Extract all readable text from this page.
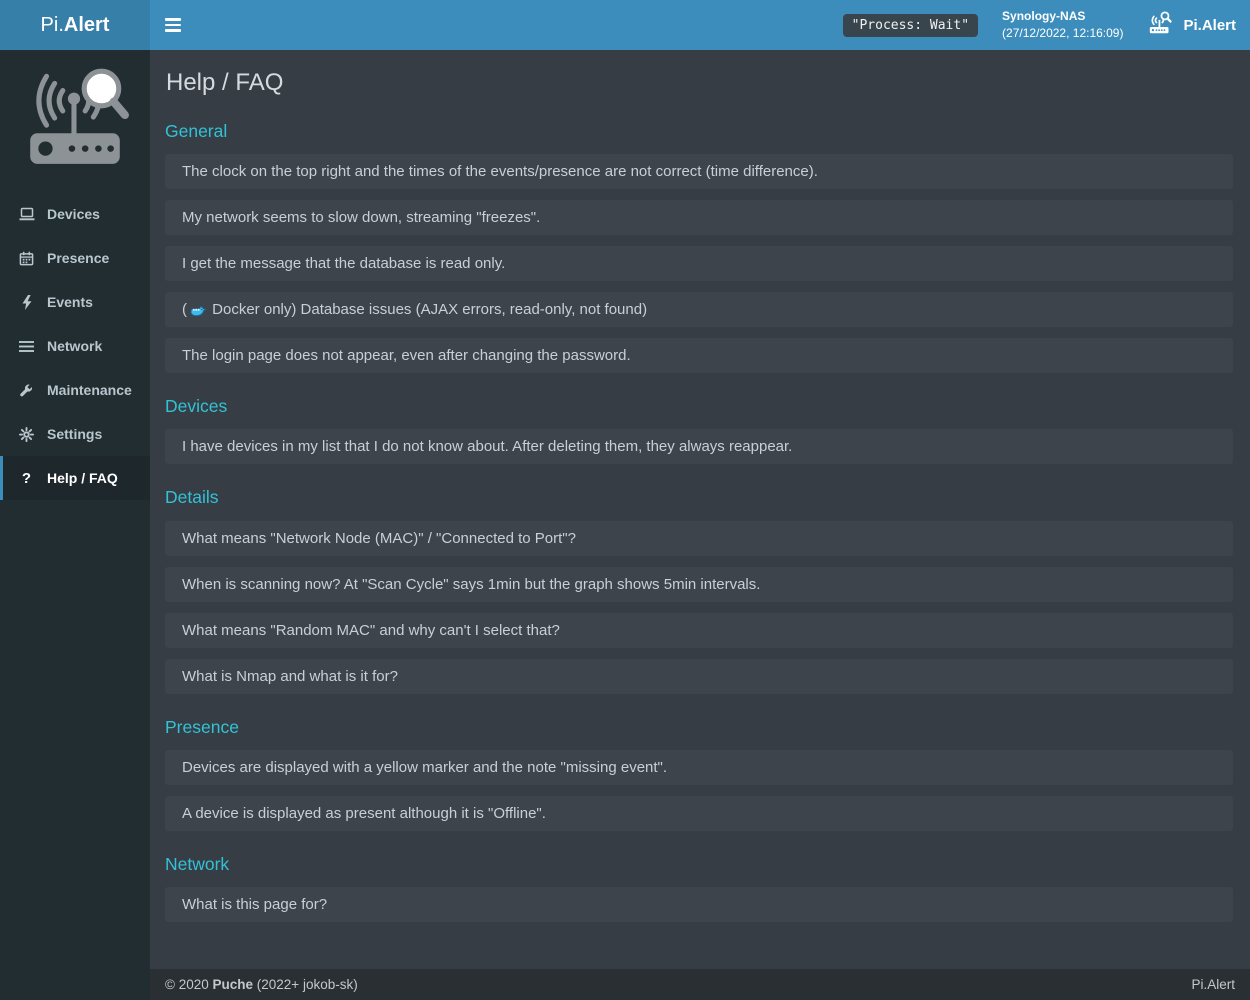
Pi. Alert	"Process: Wait"
Synology-NAS
(27/12/2022, 12:16:09)	Pi.Alert
Devices
Presence
Events
Network
Maintenance
Settings
? Help / FAQ
Help / FAQ
General
The clock on the top right and the times of the events/presence are not correct (time difference).
My network seems to slow down, streaming "freezes".
I get the message that the database is read only.
( Docker only) Database issues (AJAX errors, read-only, not found)
The login page does not appear, even after changing the password.
Devices
I have devices in my list that I do not know about. After deleting them, they always reappear.
Details
What means "Network Node (MAC)" / "Connected to Port"?
When is scanning now? At "Scan Cycle" says 1min but the graph shows 5min intervals.
What means "Random MAC" and why can't I select that?
What is Nmap and what is it for?
Presence
Devices are displayed with a yellow marker and the note "missing event".
A device is displayed as present although it is "Offline".
Network
What is this page for?
© 2020 Puche (2022+ jokob-sk)	Pi.Alert
